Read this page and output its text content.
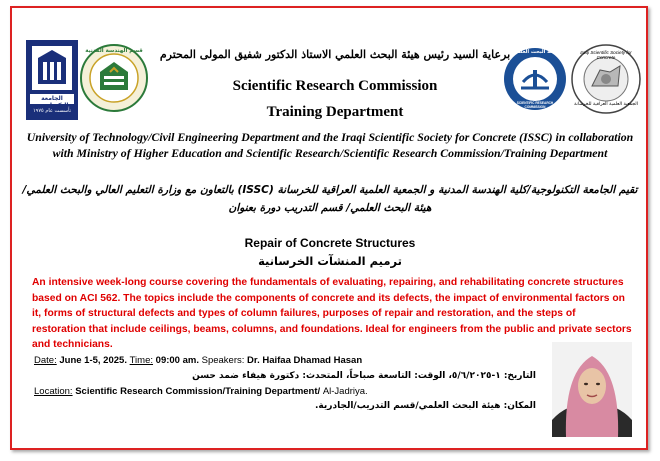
الجامعة التكنولوجية
تأسست عام ١٩٧٥
قسم الهندسة المدنية	هيئة البحث العلمي
SCIENTIFIC RESEARCH COMMISSION
Iraqi Scientific Society for Concrete
الجمعية العلمية العراقية للخرسانة
برعاية السيد رئيس هيئة البحث العلمي الاستاذ الدكتور شفيق المولى المحترم
Scientific Research Commission
Training Department
University of Technology/Civil Engineering Department and the Iraqi Scientific Society for Concrete (ISSC) in collaboration with Ministry of Higher Education and Scientific Research/Scientific Research Commission/Training Department
تقيم الجامعة التكنولوجية/كلية الهندسة المدنية و الجمعية العلمية العراقية للخرسانة (ISSC) بالتعاون مع وزارة التعليم العالي والبحث العلمي/هيئة البحث العلمي/ قسم التدريب دورة بعنوان
Repair of Concrete Structures
ترميم المنشآت الخرسانية
An intensive week-long course covering the fundamentals of evaluating, repairing, and rehabilitating concrete structures based on ACI 562. The topics include the components of concrete and its defects, the impact of environmental factors on it, forms of structural defects and types of column failures, purposes of repair and restoration, and the steps of restoration that include ceilings, beams, columns, and foundations. Ideal for engineers from the public and private sectors and technicians.
Date: June 1-5, 2025. Time: 09:00 am. Speakers: Dr. Haifaa Dhamad Hasan
التاريخ: ١-٥/٦/٢٠٢٥، الوقت: التاسعة صباحاً، المتحدث: دكتورة هيفاء ضمد حسن
Location: Scientific Research Commission/Training Department/ Al-Jadriya.
المكان: هيئة البحث العلمي/قسم التدريب/الجادرية.
